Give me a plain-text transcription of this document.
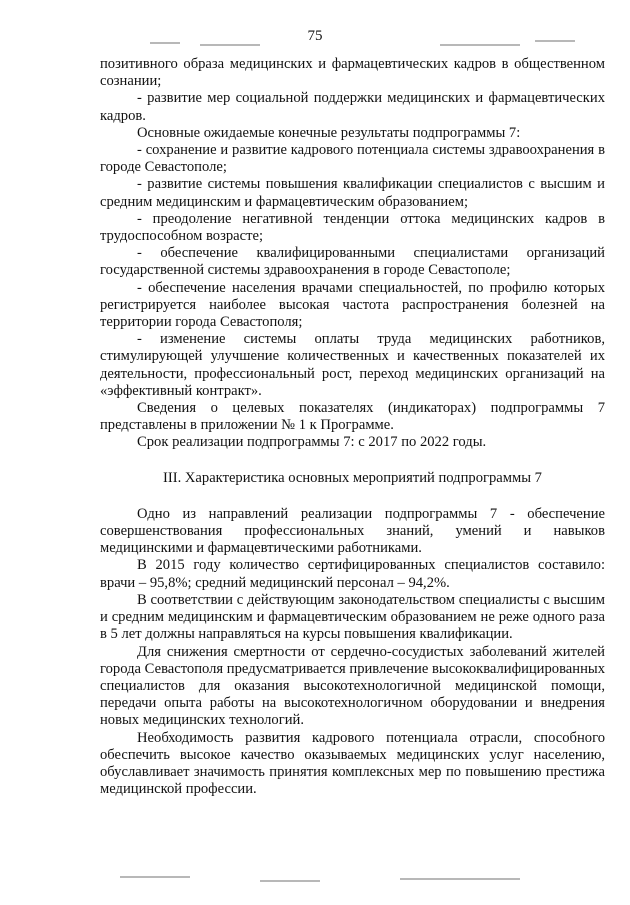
75

позитивного образа медицинских и фармацевтических кадров в общественном сознании;

- развитие мер социальной поддержки медицинских и фармацевтических кадров.

Основные ожидаемые конечные результаты подпрограммы 7:

- сохранение и развитие кадрового потенциала системы здравоохранения в городе Севастополе;

- развитие системы повышения квалификации специалистов с высшим и средним медицинским и фармацевтическим образованием;

- преодоление негативной тенденции оттока медицинских кадров в трудоспособном возрасте;

- обеспечение квалифицированными специалистами организаций государственной системы здравоохранения в городе Севастополе;

- обеспечение населения врачами специальностей, по профилю которых регистрируется наиболее высокая частота распространения болезней на территории города Севастополя;

- изменение системы оплаты труда медицинских работников, стимулирующей улучшение количественных и качественных показателей их деятельности, профессиональный рост, переход медицинских организаций на «эффективный контракт».

Сведения о целевых показателях (индикаторах) подпрограммы 7 представлены в приложении № 1 к Программе.

Срок реализации подпрограммы 7: с 2017 по 2022 годы.

III. Характеристика основных мероприятий подпрограммы 7

Одно из направлений реализации подпрограммы 7 - обеспечение совершенствования профессиональных знаний, умений и навыков медицинскими и фармацевтическими работниками.

В 2015 году количество сертифицированных специалистов составило: врачи – 95,8%; средний медицинский персонал – 94,2%.

В соответствии с действующим законодательством специалисты с высшим и средним медицинским и фармацевтическим образованием не реже одного раза в 5 лет должны направляться на курсы повышения квалификации.

Для снижения смертности от сердечно-сосудистых заболеваний жителей города Севастополя предусматривается привлечение высококвалифицированных специалистов для оказания высокотехнологичной медицинской помощи, передачи опыта работы на высокотехнологичном оборудовании и внедрения новых медицинских технологий.

Необходимость развития кадрового потенциала отрасли, способного обеспечить высокое качество оказываемых медицинских услуг населению, обуславливает значимость принятия комплексных мер по повышению престижа медицинской профессии.
